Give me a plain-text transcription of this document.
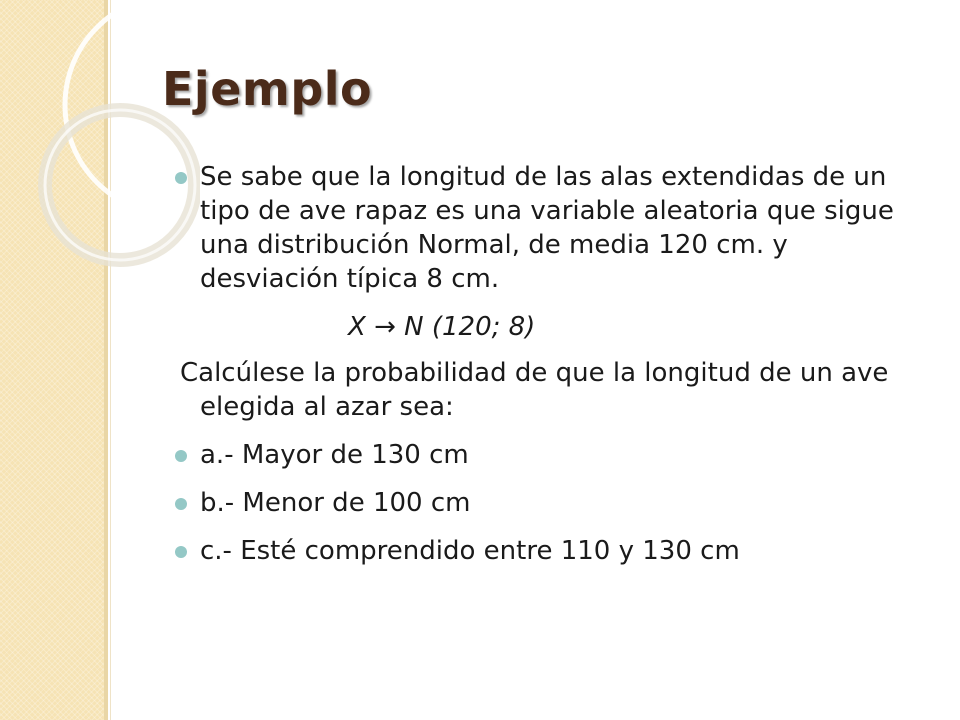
Ejemplo

Se sabe que la longitud de las alas extendidas de un tipo de ave rapaz es una variable aleatoria que sigue una distribución Normal, de media 120 cm. y desviación típica 8 cm.

X → N (120; 8)

Calcúlese la probabilidad de que la longitud de un ave elegida al azar sea:

a.- Mayor de 130 cm

b.- Menor de 100 cm

c.- Esté comprendido entre 110 y 130 cm
